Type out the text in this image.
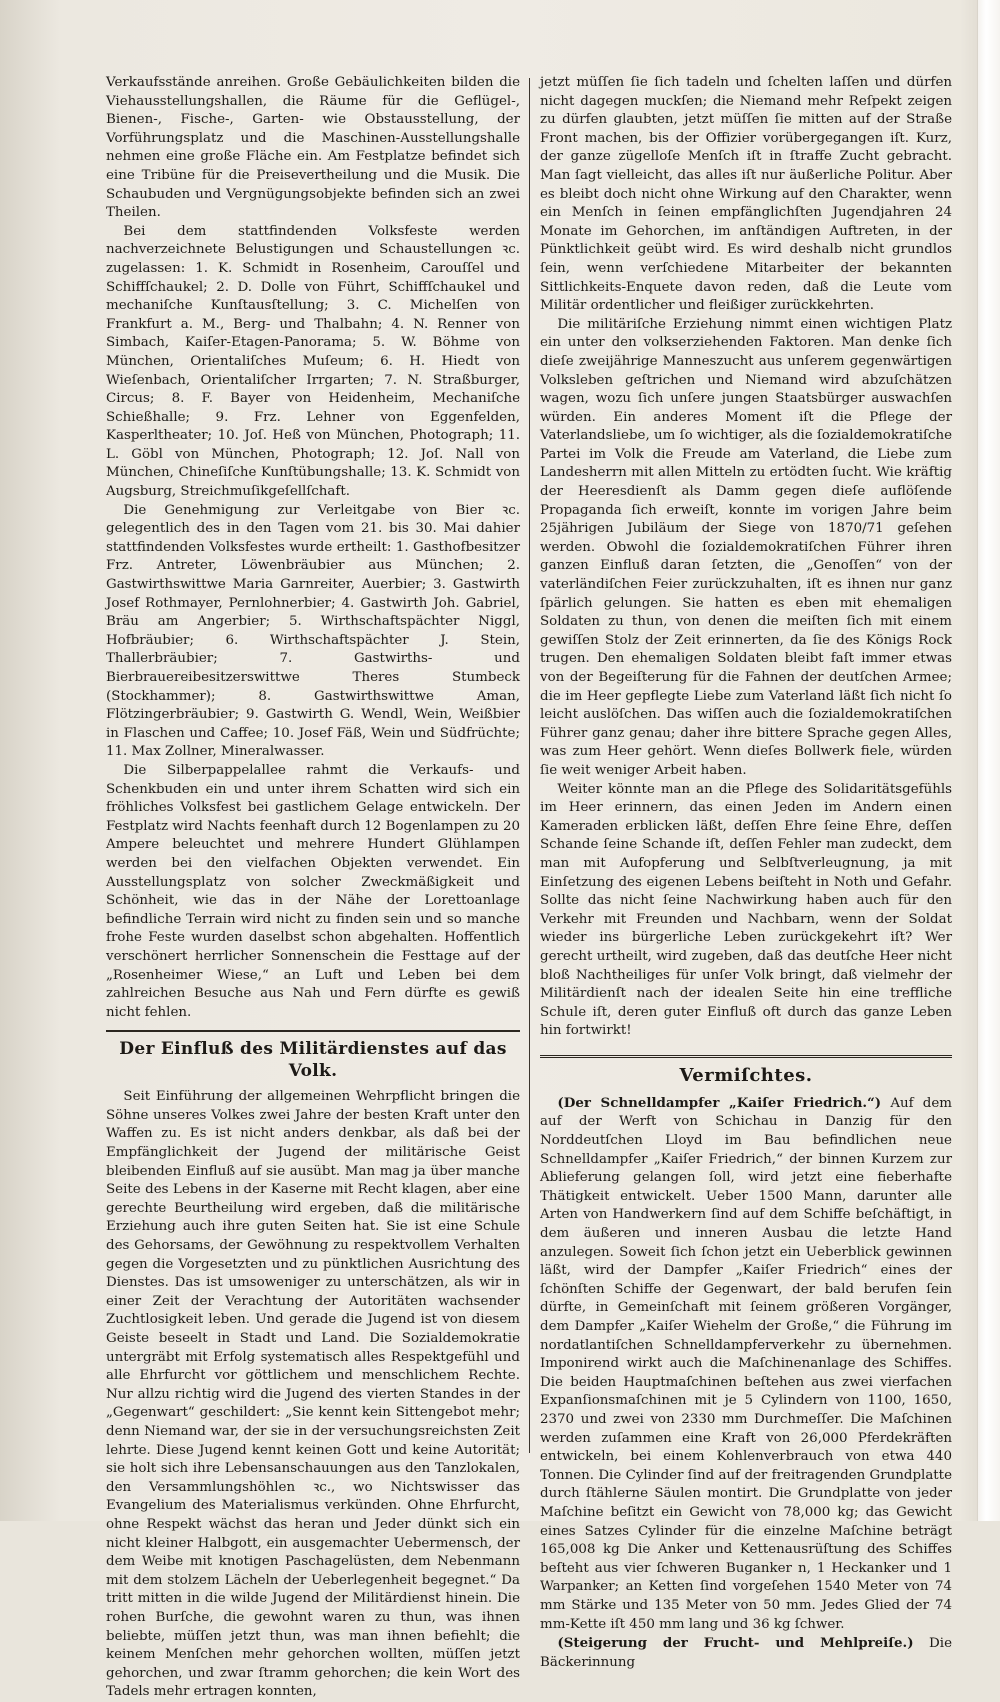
Verkaufsstände anreihen. Große Gebäulichkeiten bilden die Viehausstellungshallen, die Räume für die Geflügel-, Bienen-, Fische-, Garten- wie Obstausstellung, der Vorführungsplatz und die Maschinen-Ausstellungshalle nehmen eine große Fläche ein. Am Festplatze befindet sich eine Tribüne für die Preisevertheilung und die Musik. Die Schaubuden und Vergnügungsobjekte befinden sich an zwei Theilen.

Bei dem stattfindenden Volksfeste werden nachverzeichnete Belustigungen und Schaustellungen ꝛc. zugelassen: 1. K. Schmidt in Rosenheim, Carouſſel und Schiffſchaukel; 2. D. Dolle von Führt, Schiffſchaukel und mechaniſche Kunſtausſtellung; 3. C. Michelſen von Frankfurt a. M., Berg- und Thalbahn; 4. N. Renner von Simbach, Kaiſer-Etagen-Panorama; 5. W. Böhme von München, Orientaliſches Muſeum; 6. H. Hiedt von Wieſenbach, Orientaliſcher Irrgarten; 7. N. Straßburger, Circus; 8. F. Bayer von Heidenheim, Mechaniſche Schießhalle; 9. Frz. Lehner von Eggenfelden, Kasperltheater; 10. Joſ. Heß von München, Photograph; 11. L. Göbl von München, Photograph; 12. Joſ. Nall von München, Chineſiſche Kunſtübungshalle; 13. K. Schmidt von Augsburg, Streichmuſikgeſellſchaft.

Die Genehmigung zur Verleitgabe von Bier ꝛc. gelegentlich des in den Tagen vom 21. bis 30. Mai dahier stattfindenden Volksfestes wurde ertheilt: 1. Gasthofbesitzer Frz. Antreter, Löwenbräubier aus München; 2. Gastwirthswittwe Maria Garnreiter, Auerbier; 3. Gastwirth Josef Rothmayer, Pernlohnerbier; 4. Gastwirth Joh. Gabriel, Bräu am Angerbier; 5. Wirthschaftspächter Niggl, Hofbräubier; 6. Wirthschaftspächter J. Stein, Thallerbräubier; 7. Gastwirths- und Bierbrauereibesitzerswittwe Theres Stumbeck (Stockhammer); 8. Gastwirthswittwe Aman, Flötzingerbräubier; 9. Gastwirth G. Wendl, Wein, Weißbier in Flaschen und Caffee; 10. Josef Fäß, Wein und Südfrüchte; 11. Max Zollner, Mineralwasser.

Die Silberpappelallee rahmt die Verkaufs- und Schenkbuden ein und unter ihrem Schatten wird sich ein fröhliches Volksfest bei gastlichem Gelage entwickeln. Der Festplatz wird Nachts feenhaft durch 12 Bogenlampen zu 20 Ampere beleuchtet und mehrere Hundert Glühlampen werden bei den vielfachen Objekten verwendet. Ein Ausstellungsplatz von solcher Zweckmäßigkeit und Schönheit, wie das in der Nähe der Lorettoanlage befindliche Terrain wird nicht zu finden sein und so manche frohe Feste wurden daselbst schon abgehalten. Hoffentlich verschönert herrlicher Sonnenschein die Festtage auf der „Rosenheimer Wiese,“ an Luft und Leben bei dem zahlreichen Besuche aus Nah und Fern dürfte es gewiß nicht fehlen.

Der Einfluß des Militärdienstes auf das Volk.

Seit Einführung der allgemeinen Wehrpflicht bringen die Söhne unseres Volkes zwei Jahre der besten Kraft unter den Waffen zu. Es ist nicht anders denkbar, als daß bei der Empfänglichkeit der Jugend der militärische Geist bleibenden Einfluß auf sie ausübt. Man mag ja über manche Seite des Lebens in der Kaserne mit Recht klagen, aber eine gerechte Beurtheilung wird ergeben, daß die militärische Erziehung auch ihre guten Seiten hat. Sie ist eine Schule des Gehorsams, der Gewöhnung zu respektvollem Verhalten gegen die Vorgesetzten und zu pünktlichen Ausrichtung des Dienstes. Das ist umsoweniger zu unterschätzen, als wir in einer Zeit der Verachtung der Autoritäten wachsender Zuchtlosigkeit leben. Und gerade die Jugend ist von diesem Geiste beseelt in Stadt und Land. Die Sozialdemokratie untergräbt mit Erfolg systematisch alles Respektgefühl und alle Ehrfurcht vor göttlichem und menschlichem Rechte. Nur allzu richtig wird die Jugend des vierten Standes in der „Gegenwart“ geschildert: „Sie kennt kein Sittengebot mehr; denn Niemand war, der sie in der versuchungsreichsten Zeit lehrte. Diese Jugend kennt keinen Gott und keine Autorität; sie holt sich ihre Lebensanschauungen aus den Tanzlokalen, den Versammlungshöhlen ꝛc., wo Nichtswisser das Evangelium des Materialismus verkünden. Ohne Ehrfurcht, ohne Respekt wächst das heran und Jeder dünkt sich ein nicht kleiner Halbgott, ein ausgemachter Uebermensch, der dem Weibe mit knotigen Paschagelüsten, dem Nebenmann mit dem stolzem Lächeln der Ueberlegenheit begegnet.“ Da tritt mitten in die wilde Jugend der Militärdienst hinein. Die rohen Burſche, die gewohnt waren zu thun, was ihnen beliebte, müſſen jetzt thun, was man ihnen befiehlt; die keinem Menſchen mehr gehorchen wollten, müſſen jetzt gehorchen, und zwar ſtramm gehorchen; die kein Wort des Tadels mehr ertragen konnten,

jetzt müſſen ſie ſich tadeln und ſchelten laſſen und dürfen nicht dagegen muckſen; die Niemand mehr Reſpekt zeigen zu dürfen glaubten, jetzt müſſen ſie mitten auf der Straße Front machen, bis der Offizier vorübergegangen iſt. Kurz, der ganze zügelloſe Menſch iſt in ſtraffe Zucht gebracht. Man ſagt vielleicht, das alles iſt nur äußerliche Politur. Aber es bleibt doch nicht ohne Wirkung auf den Charakter, wenn ein Menſch in ſeinen empfänglichſten Jugendjahren 24 Monate im Gehorchen, im anſtändigen Auftreten, in der Pünktlichkeit geübt wird. Es wird deshalb nicht grundlos ſein, wenn verſchiedene Mitarbeiter der bekannten Sittlichkeits-Enquete davon reden, daß die Leute vom Militär ordentlicher und fleißiger zurückkehrten.

Die militäriſche Erziehung nimmt einen wichtigen Platz ein unter den volkserziehenden Faktoren. Man denke ſich dieſe zweijährige Manneszucht aus unſerem gegenwärtigen Volksleben geſtrichen und Niemand wird abzuſchätzen wagen, wozu ſich unſere jungen Staatsbürger auswachſen würden. Ein anderes Moment iſt die Pflege der Vaterlandsliebe, um ſo wichtiger, als die ſozialdemokratiſche Partei im Volk die Freude am Vaterland, die Liebe zum Landesherrn mit allen Mitteln zu ertödten ſucht. Wie kräftig der Heeresdienſt als Damm gegen dieſe auflöſende Propaganda ſich erweiſt, konnte im vorigen Jahre beim 25jährigen Jubiläum der Siege von 1870/71 geſehen werden. Obwohl die ſozialdemokratiſchen Führer ihren ganzen Einfluß daran ſetzten, die „Genoſſen“ von der vaterländiſchen Feier zurückzuhalten, iſt es ihnen nur ganz ſpärlich gelungen. Sie hatten es eben mit ehemaligen Soldaten zu thun, von denen die meiſten ſich mit einem gewiſſen Stolz der Zeit erinnerten, da ſie des Königs Rock trugen. Den ehemaligen Soldaten bleibt faſt immer etwas von der Begeiſterung für die Fahnen der deutſchen Armee; die im Heer gepflegte Liebe zum Vaterland läßt ſich nicht ſo leicht auslöſchen. Das wiſſen auch die ſozialdemokratiſchen Führer ganz genau; daher ihre bittere Sprache gegen Alles, was zum Heer gehört. Wenn dieſes Bollwerk fiele, würden ſie weit weniger Arbeit haben.

Weiter könnte man an die Pflege des Solidaritätsgefühls im Heer erinnern, das einen Jeden im Andern einen Kameraden erblicken läßt, deſſen Ehre ſeine Ehre, deſſen Schande ſeine Schande iſt, deſſen Fehler man zudeckt, dem man mit Aufopferung und Selbſtverleugnung, ja mit Einſetzung des eigenen Lebens beiſteht in Noth und Gefahr. Sollte das nicht ſeine Nachwirkung haben auch für den Verkehr mit Freunden und Nachbarn, wenn der Soldat wieder ins bürgerliche Leben zurückgekehrt iſt? Wer gerecht urtheilt, wird zugeben, daß das deutſche Heer nicht bloß Nachtheiliges für unſer Volk bringt, daß vielmehr der Militärdienſt nach der idealen Seite hin eine treffliche Schule iſt, deren guter Einfluß oft durch das ganze Leben hin fortwirkt!

Vermiſchtes.

(Der Schnelldampfer „Kaiſer Friedrich.“) Auf dem auf der Werft von Schichau in Danzig für den Norddeutſchen Lloyd im Bau befindlichen neue Schnelldampfer „Kaiſer Friedrich,“ der binnen Kurzem zur Ablieferung gelangen ſoll, wird jetzt eine fieberhafte Thätigkeit entwickelt. Ueber 1500 Mann, darunter alle Arten von Handwerkern ſind auf dem Schiffe beſchäftigt, in dem äußeren und inneren Ausbau die letzte Hand anzulegen. Soweit ſich ſchon jetzt ein Ueberblick gewinnen läßt, wird der Dampfer „Kaiſer Friedrich“ eines der ſchönſten Schiffe der Gegenwart, der bald berufen ſein dürfte, in Gemeinſchaft mit ſeinem größeren Vorgänger, dem Dampfer „Kaiſer Wiehelm der Große,“ die Führung im nordatlantiſchen Schnelldampferverkehr zu übernehmen. Imponirend wirkt auch die Maſchinenanlage des Schiffes. Die beiden Hauptmaſchinen beſtehen aus zwei vierfachen Expanſionsmaſchinen mit je 5 Cylindern von 1100, 1650, 2370 und zwei von 2330 mm Durchmeſſer. Die Maſchinen werden zuſammen eine Kraft von 26,000 Pferdekräften entwickeln, bei einem Kohlenverbrauch von etwa 440 Tonnen. Die Cylinder ſind auf der freitragenden Grundplatte durch ſtählerne Säulen montirt. Die Grundplatte von jeder Maſchine beſitzt ein Gewicht von 78,000 kg; das Gewicht eines Satzes Cylinder für die einzelne Maſchine beträgt 165,008 kg Die Anker und Kettenausrüſtung des Schiffes beſteht aus vier ſchweren Buganker n, 1 Heckanker und 1 Warpanker; an Ketten ſind vorgeſehen 1540 Meter von 74 mm Stärke und 135 Meter von 50 mm. Jedes Glied der 74 mm-Kette iſt 450 mm lang und 36 kg ſchwer.

(Steigerung der Frucht- und Mehlpreiſe.) Die Bäckerinnung
